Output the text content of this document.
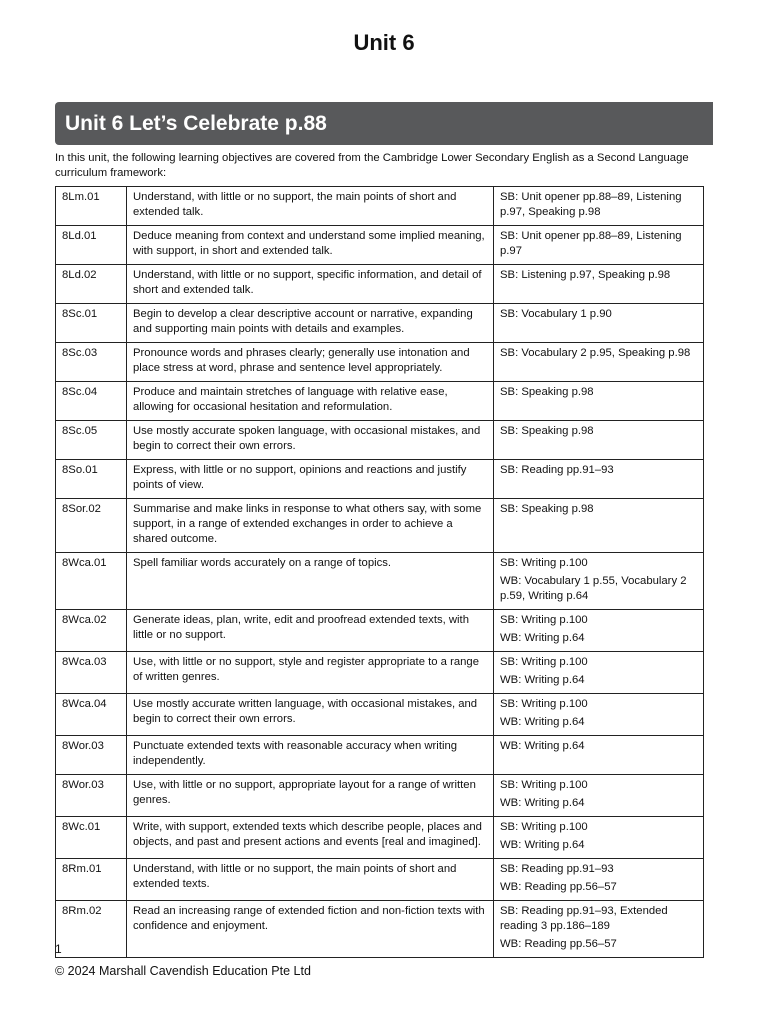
Unit 6
Unit 6 Let’s Celebrate p.88
In this unit, the following learning objectives are covered from the Cambridge Lower Secondary English as a Second Language curriculum framework:
8Lm.01	Understand, with little or no support, the main points of short and extended talk.	SB: Unit opener pp.88–89, Listening p.97, Speaking p.98

8Ld.01	Deduce meaning from context and understand some implied meaning, with support, in short and extended talk.	SB: Unit opener pp.88–89, Listening p.97

8Ld.02	Understand, with little or no support, specific information, and detail of short and extended talk.	SB: Listening p.97, Speaking p.98

8Sc.01	Begin to develop a clear descriptive account or narrative, expanding and supporting main points with details and examples.	SB: Vocabulary 1 p.90

8Sc.03	Pronounce words and phrases clearly; generally use intonation and place stress at word, phrase and sentence level appropriately.	SB: Vocabulary 2 p.95, Speaking p.98

8Sc.04	Produce and maintain stretches of language with relative ease, allowing for occasional hesitation and reformulation.	SB: Speaking p.98

8Sc.05	Use mostly accurate spoken language, with occasional mistakes, and begin to correct their own errors.	SB: Speaking p.98

8So.01	Express, with little or no support, opinions and reactions and justify points of view.	SB: Reading pp.91–93

8Sor.02	Summarise and make links in response to what others say, with some support, in a range of extended exchanges in order to achieve a shared outcome.	SB: Speaking p.98

8Wca.01	Spell familiar words accurately on a range of topics.	SB: Writing p.100
WB: Vocabulary 1 p.55, Vocabulary 2 p.59, Writing p.64

8Wca.02	Generate ideas, plan, write, edit and proofread extended texts, with little or no support.	SB: Writing p.100
WB: Writing p.64

8Wca.03	Use, with little or no support, style and register appropriate to a range of written genres.	SB: Writing p.100
WB: Writing p.64

8Wca.04	Use mostly accurate written language, with occasional mistakes, and begin to correct their own errors.	SB: Writing p.100
WB: Writing p.64

8Wor.03	Punctuate extended texts with reasonable accuracy when writing independently.	WB: Writing p.64

8Wor.03	Use, with little or no support, appropriate layout for a range of written genres.	SB: Writing p.100
WB: Writing p.64

8Wc.01	Write, with support, extended texts which describe people, places and objects, and past and present actions and events [real and imagined].	SB: Writing p.100
WB: Writing p.64

8Rm.01	Understand, with little or no support, the main points of short and extended texts.	SB: Reading pp.91–93
WB: Reading pp.56–57

8Rm.02	Read an increasing range of extended fiction and non-fiction texts with confidence and enjoyment.	SB: Reading pp.91–93, Extended reading 3 pp.186–189
WB: Reading pp.56–57
1
© 2024 Marshall Cavendish Education Pte Ltd
